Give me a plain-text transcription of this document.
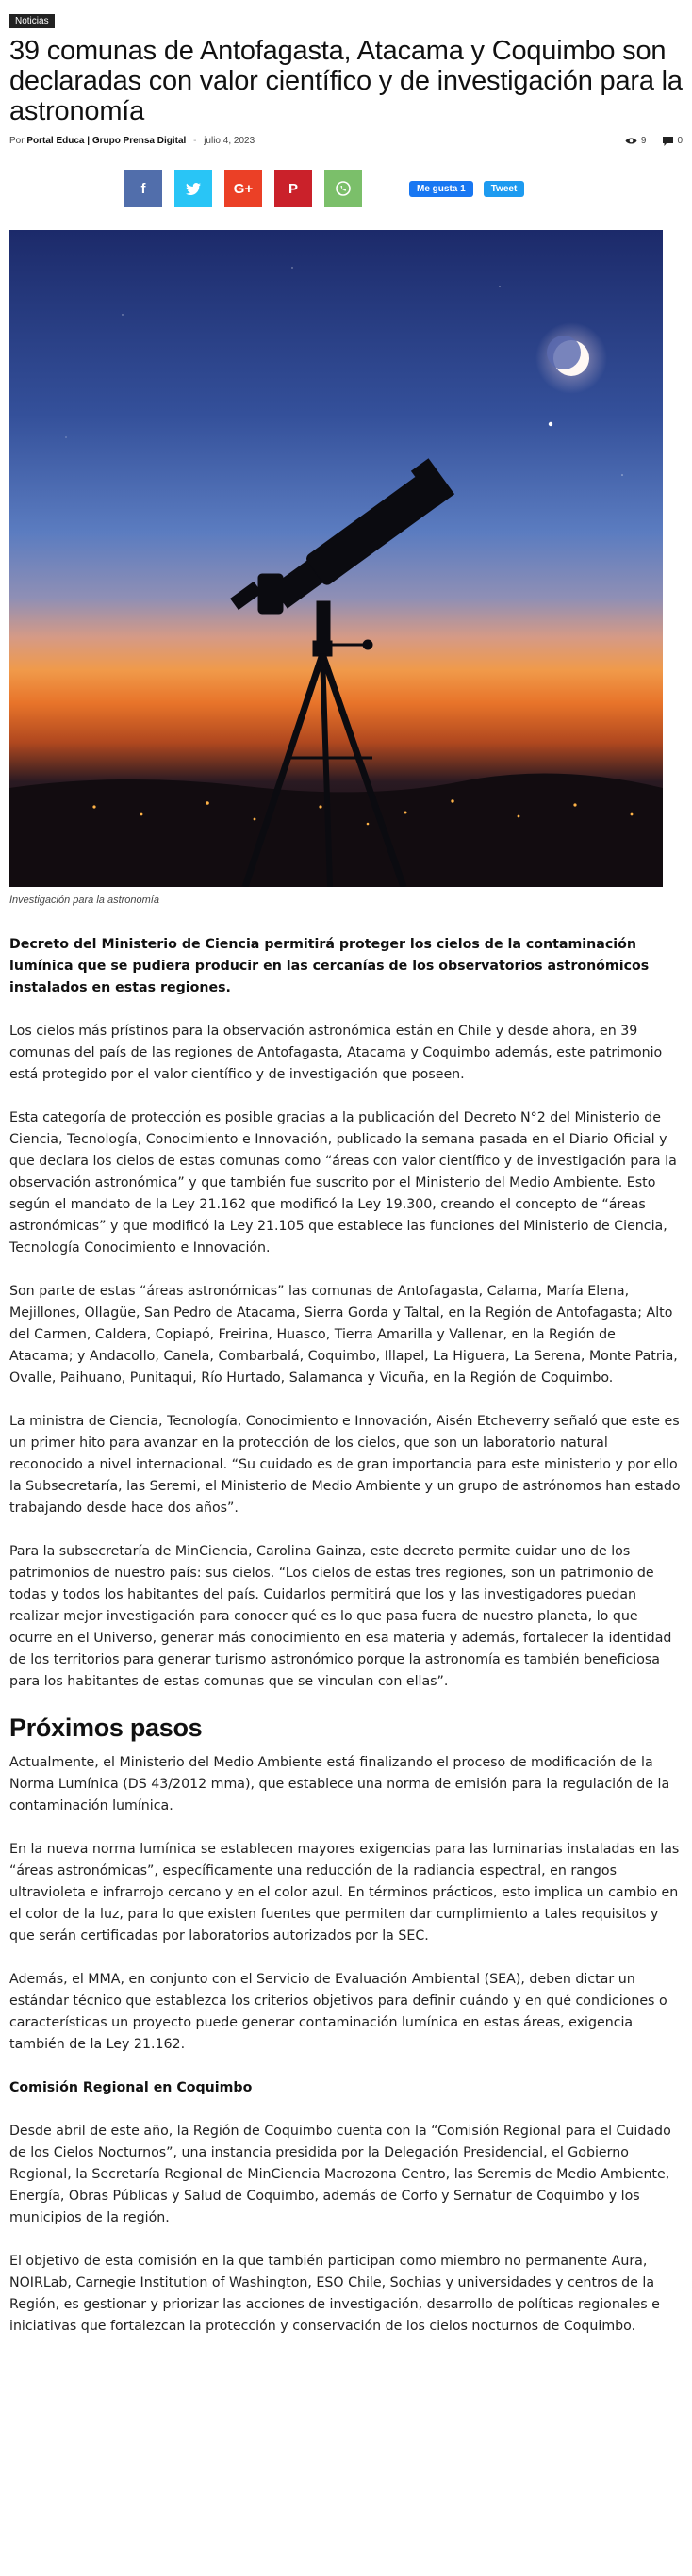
Noticias
39 comunas de Antofagasta, Atacama y Coquimbo son declaradas con valor científico y de investigación para la astronomía
Por Portal Educa | Grupo Prensa Digital - julio 4, 2023	9	0
f	G+	P	Me gusta 1	Tweet
Investigación para la astronomía

Decreto del Ministerio de Ciencia permitirá proteger los cielos de la contaminación lumínica que se pudiera producir en las cercanías de los observatorios astronómicos instalados en estas regiones.

Los cielos más prístinos para la observación astronómica están en Chile y desde ahora, en 39 comunas del país de las regiones de Antofagasta, Atacama y Coquimbo además, este patrimonio está protegido por el valor científico y de investigación que poseen.

Esta categoría de protección es posible gracias a la publicación del Decreto N°2 del Ministerio de Ciencia, Tecnología, Conocimiento e Innovación, publicado la semana pasada en el Diario Oficial y que declara los cielos de estas comunas como “áreas con valor científico y de investigación para la observación astronómica” y que también fue suscrito por el Ministerio del Medio Ambiente. Esto según el mandato de la Ley 21.162 que modificó la Ley 19.300, creando el concepto de “áreas astronómicas” y que modificó la Ley 21.105 que establece las funciones del Ministerio de Ciencia, Tecnología Conocimiento e Innovación.

Son parte de estas “áreas astronómicas” las comunas de Antofagasta, Calama, María Elena, Mejillones, Ollagüe, San Pedro de Atacama, Sierra Gorda y Taltal, en la Región de Antofagasta; Alto del Carmen, Caldera, Copiapó, Freirina, Huasco, Tierra Amarilla y Vallenar, en la Región de Atacama; y Andacollo, Canela, Combarbalá, Coquimbo, Illapel, La Higuera, La Serena, Monte Patria, Ovalle, Paihuano, Punitaqui, Río Hurtado, Salamanca y Vicuña, en la Región de Coquimbo.

La ministra de Ciencia, Tecnología, Conocimiento e Innovación, Aisén Etcheverry señaló que este es un primer hito para avanzar en la protección de los cielos, que son un laboratorio natural reconocido a nivel internacional. “Su cuidado es de gran importancia para este ministerio y por ello la Subsecretaría, las Seremi, el Ministerio de Medio Ambiente y un grupo de astrónomos han estado trabajando desde hace dos años”.

Para la subsecretaría de MinCiencia, Carolina Gainza, este decreto permite cuidar uno de los patrimonios de nuestro país: sus cielos. “Los cielos de estas tres regiones, son un patrimonio de todas y todos los habitantes del país. Cuidarlos permitirá que los y las investigadores puedan realizar mejor investigación para conocer qué es lo que pasa fuera de nuestro planeta, lo que ocurre en el Universo, generar más conocimiento en esa materia y además, fortalecer la identidad de los territorios para generar turismo astronómico porque la astronomía es también beneficiosa para los habitantes de estas comunas que se vinculan con ellas”.

Próximos pasos

Actualmente, el Ministerio del Medio Ambiente está finalizando el proceso de modificación de la Norma Lumínica (DS 43/2012 mma), que establece una norma de emisión para la regulación de la contaminación lumínica.

En la nueva norma lumínica se establecen mayores exigencias para las luminarias instaladas en las “áreas astronómicas”, específicamente una reducción de la radiancia espectral, en rangos ultravioleta e infrarrojo cercano y en el color azul. En términos prácticos, esto implica un cambio en el color de la luz, para lo que existen fuentes que permiten dar cumplimiento a tales requisitos y que serán certificadas por laboratorios autorizados por la SEC.

Además, el MMA, en conjunto con el Servicio de Evaluación Ambiental (SEA), deben dictar un estándar técnico que establezca los criterios objetivos para definir cuándo y en qué condiciones o características un proyecto puede generar contaminación lumínica en estas áreas, exigencia también de la Ley 21.162.

Comisión Regional en Coquimbo

Desde abril de este año, la Región de Coquimbo cuenta con la “Comisión Regional para el Cuidado de los Cielos Nocturnos”, una instancia presidida por la Delegación Presidencial, el Gobierno Regional, la Secretaría Regional de MinCiencia Macrozona Centro, las Seremis de Medio Ambiente, Energía, Obras Públicas y Salud de Coquimbo, además de Corfo y Sernatur de Coquimbo y los municipios de la región.

El objetivo de esta comisión en la que también participan como miembro no permanente Aura, NOIRLab, Carnegie Institution of Washington, ESO Chile, Sochias y universidades y centros de la Región, es gestionar y priorizar las acciones de investigación, desarrollo de políticas regionales e iniciativas que fortalezcan la protección y conservación de los cielos nocturnos de Coquimbo.
